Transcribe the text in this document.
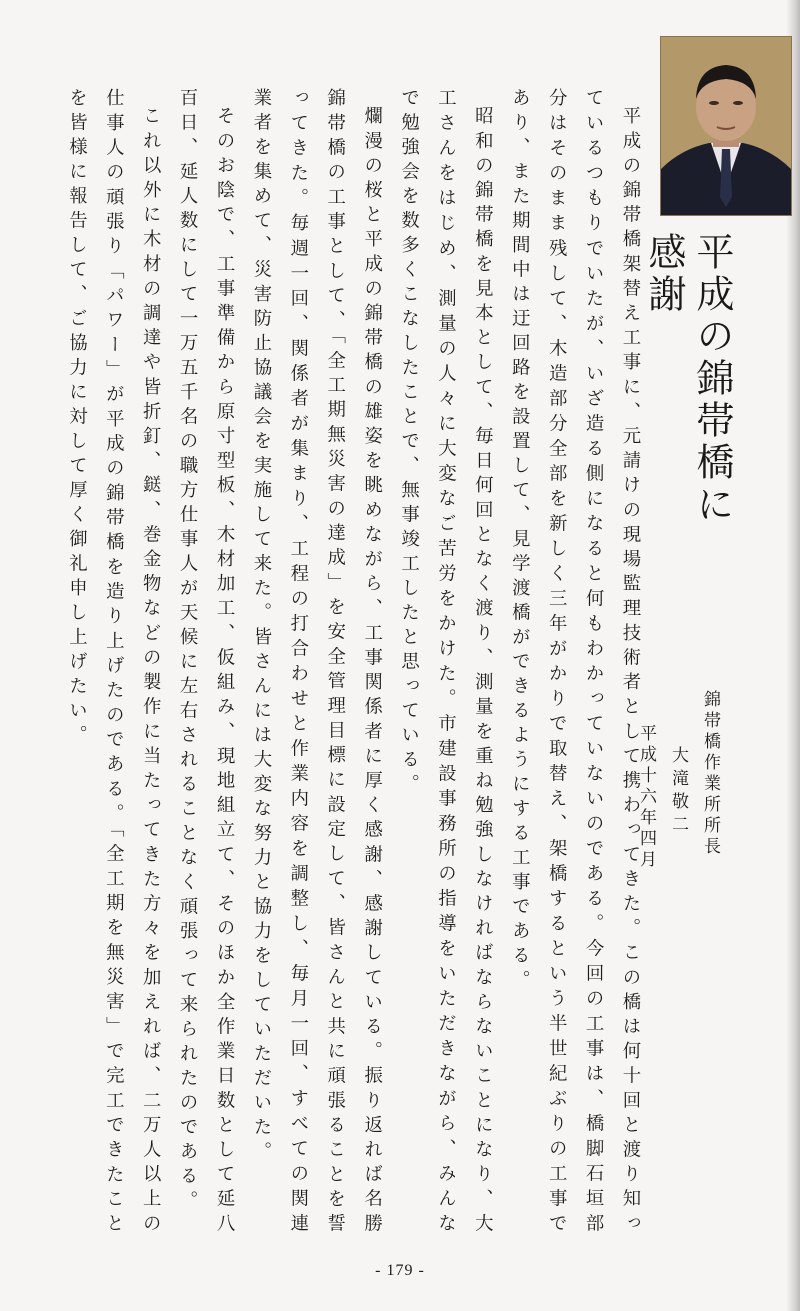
平成の錦帯橋に感謝
錦帯橋作業所所長
大滝敬二
平成十六年四月

平成の錦帯橋架替え工事に、元請けの現場監理技術者として携わってきた。この橋は何十回と渡り知っているつもりでいたが、いざ造る側になると何もわかっていないのである。今回の工事は、橋脚石垣部分はそのまま残して、木造部分全部を新しく三年がかりで取替え、架橋するという半世紀ぶりの工事であり、また期間中は迂回路を設置して、見学渡橋ができるようにする工事である。

昭和の錦帯橋を見本として、毎日何回となく渡り、測量を重ね勉強しなければならないことになり、大工さんをはじめ、測量の人々に大変なご苦労をかけた。市建設事務所の指導をいただきながら、みんなで勉強会を数多くこなしたことで、無事竣工したと思っている。

爛漫の桜と平成の錦帯橋の雄姿を眺めながら、工事関係者に厚く感謝、感謝している。振り返れば名勝錦帯橋の工事として、「全工期無災害の達成」を安全管理目標に設定して、皆さんと共に頑張ることを誓ってきた。毎週一回、関係者が集まり、工程の打合わせと作業内容を調整し、毎月一回、すべての関連業者を集めて、災害防止協議会を実施して来た。皆さんには大変な努力と協力をしていただいた。

そのお陰で、工事準備から原寸型板、木材加工、仮組み、現地組立て、そのほか全作業日数として延八百日、延人数にして一万五千名の職方仕事人が天候に左右されることなく頑張って来られたのである。

これ以外に木材の調達や皆折釘、鎹、巻金物などの製作に当たってきた方々を加えれば、二万人以上の仕事人の頑張り「パワー」が平成の錦帯橋を造り上げたのである。「全工期を無災害」で完工できたことを皆様に報告して、ご協力に対して厚く御礼申し上げたい。

- 179 -
